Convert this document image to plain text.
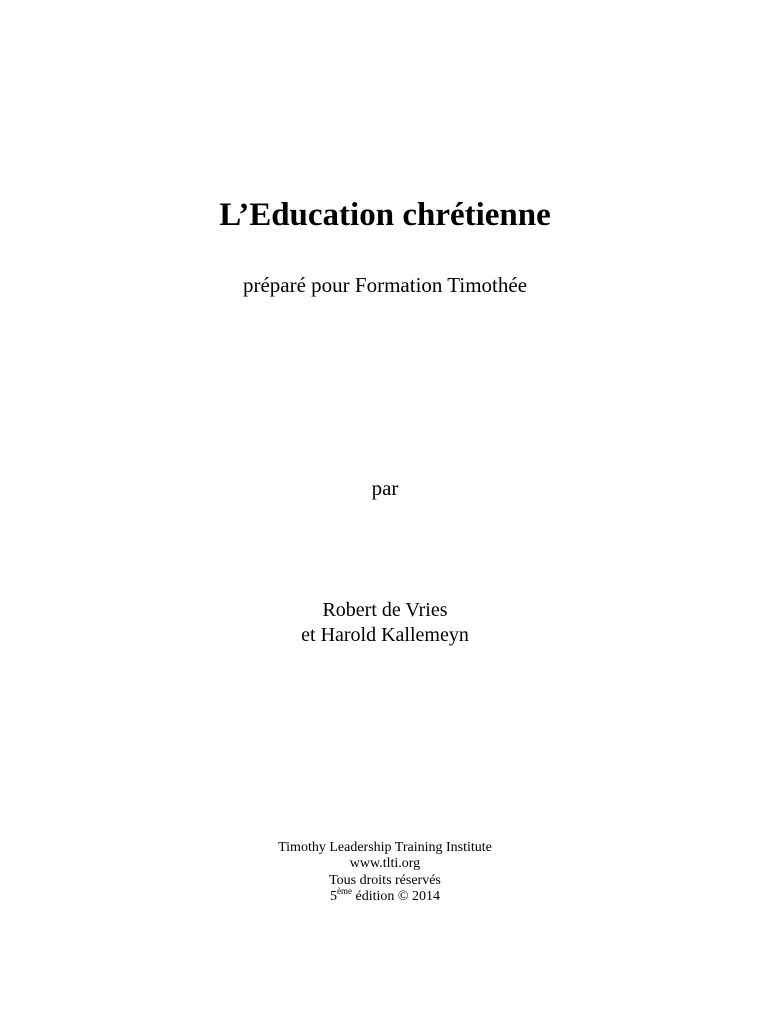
L’Education chrétienne
préparé pour Formation Timothée
par
Robert de Vries
et Harold Kallemeyn
Timothy Leadership Training Institute
www.tlti.org
Tous droits réservés
5ème édition © 2014
